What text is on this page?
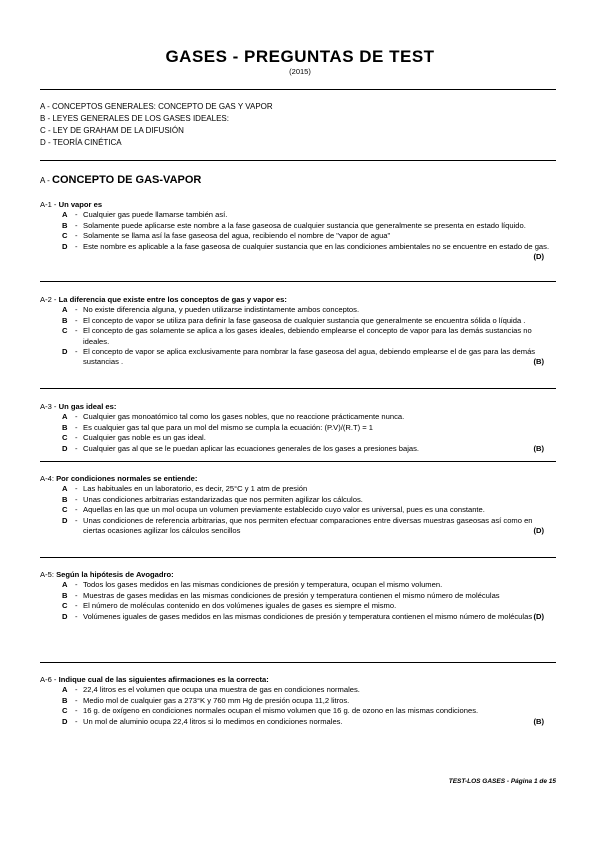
GASES - PREGUNTAS DE TEST
(2015)
A - CONCEPTOS GENERALES: CONCEPTO DE GAS Y VAPOR
B - LEYES GENERALES DE LOS GASES IDEALES:
C - LEY DE GRAHAM DE LA DIFUSIÓN
D - TEORÍA CINÉTICA
A - CONCEPTO DE GAS-VAPOR
A-1 - Un vapor es
A - Cualquier gas puede llamarse también así.
B - Solamente puede aplicarse este nombre a la fase gaseosa de cualquier sustancia que generalmente se presenta en estado líquido.
C - Solamente se llama así la fase gaseosa del agua, recibiendo el nombre de "vapor de agua"
D - Este nombre es aplicable a la fase gaseosa de cualquier sustancia que en las condiciones ambientales no se encuentre en estado de gas.
(D)
A-2 - La diferencia que existe entre los conceptos de gas y vapor es:
A - No existe diferencia alguna, y pueden utilizarse indistintamente ambos conceptos.
B - El concepto de vapor se utiliza para definir la fase gaseosa de cualquier sustancia que generalmente se encuentra sólida o líquida .
C - El concepto de gas solamente se aplica a los gases ideales, debiendo emplearse el concepto de vapor para las demás sustancias no ideales.
D - El concepto de vapor se aplica exclusivamente para nombrar la fase gaseosa del agua, debiendo emplearse el de gas para las demás sustancias .	(B)
A-3 - Un gas ideal es:
A - Cualquier gas monoatómico tal como los gases nobles, que no reaccione prácticamente nunca.
B - Es cualquier gas tal que para un mol del mismo se cumpla la ecuación: (P.V)/(R.T) = 1
C - Cualquier gas noble es un gas ideal.
D - Cualquier gas al que se le puedan aplicar las ecuaciones generales de los gases a presiones bajas.	(B)
A-4: Por condiciones normales se entiende:
A - Las habituales en un laboratorio, es decir, 25°C y 1 atm de presión
B - Unas condiciones arbitrarias estandarizadas que nos permiten agilizar los cálculos.
C - Aquellas en las que un mol ocupa un volumen previamente establecido cuyo valor es universal, pues es una constante.
D - Unas condiciones de referencia arbitrarias, que nos permiten efectuar comparaciones entre diversas muestras gaseosas así como en ciertas ocasiones agilizar los cálculos sencillos	(D)
A-5: Según la hipótesis de Avogadro:
A - Todos los gases medidos en las mismas condiciones de presión y temperatura, ocupan el mismo volumen.
B - Muestras de gases medidas en las mismas condiciones de presión y temperatura contienen el mismo número de moléculas
C - El número de moléculas contenido en dos volúmenes iguales de gases es siempre el mismo.
D - Volúmenes iguales de gases medidos en las mismas condiciones de presión y temperatura contienen el mismo número de moléculas (D)
A-6 - Indique cual de las siguientes afirmaciones es la correcta:
A - 22,4 litros es el volumen que ocupa una muestra de gas en condiciones normales.
B - Medio mol de cualquier gas a 273°K y 760 mm Hg de presión ocupa 11,2 litros.
C - 16 g. de oxígeno en condiciones normales ocupan el mismo volumen que 16 g. de ozono en las mismas condiciones.
D - Un mol de aluminio ocupa 22,4 litros si lo medimos en condiciones normales.	(B)
TEST-LOS GASES - Página 1 de 15
